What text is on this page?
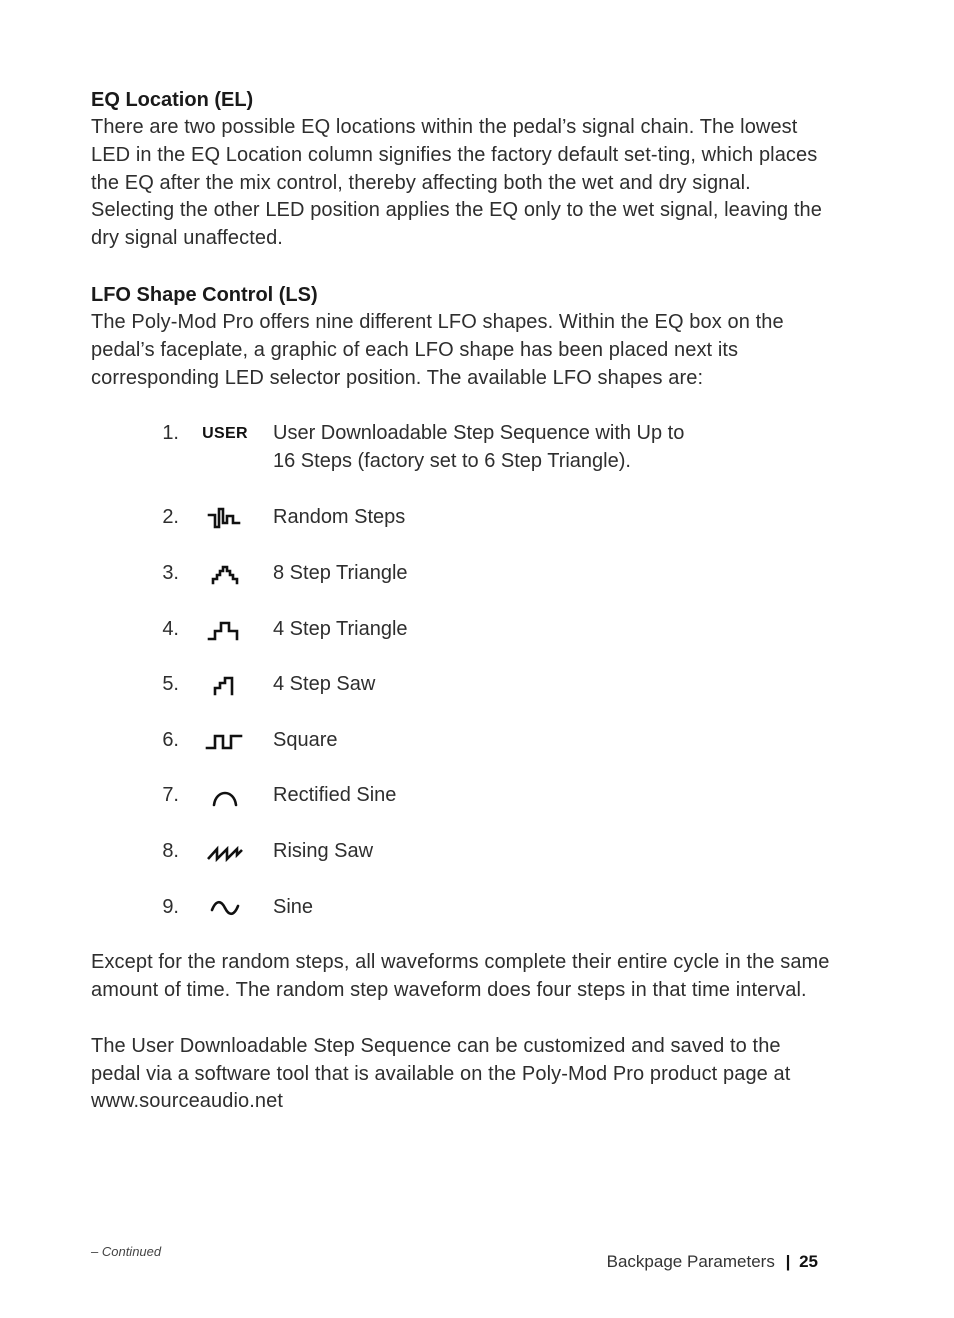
EQ Location (EL)

There are two possible EQ locations within the pedal’s signal chain. The lowest LED in the EQ Location column signifies the factory default set-ting, which places the EQ after the mix control, thereby affecting both the wet and dry signal. Selecting the other LED position applies the EQ only to the wet signal, leaving the dry signal unaffected.

LFO Shape Control (LS)

The Poly-Mod Pro offers nine different LFO shapes. Within the EQ box on the pedal’s faceplate, a graphic of each LFO shape has been placed next its corresponding LED selector position. The available LFO shapes are:

1. USER User Downloadable Step Sequence with Up to
16 Steps (factory set to 6 Step Triangle).
2.	Random Steps
3.	8 Step Triangle
4.	4 Step Triangle
5.	4 Step Saw
6.	Square
7.	Rectified Sine
8.	Rising Saw
9.	Sine

Except for the random steps, all waveforms complete their entire cycle in the same amount of time. The random step waveform does four steps in that time interval.

The User Downloadable Step Sequence can be customized and saved to the pedal via a software tool that is available on the Poly-Mod Pro product page at www.sourceaudio.net

– Continued
Backpage Parameters | 25
